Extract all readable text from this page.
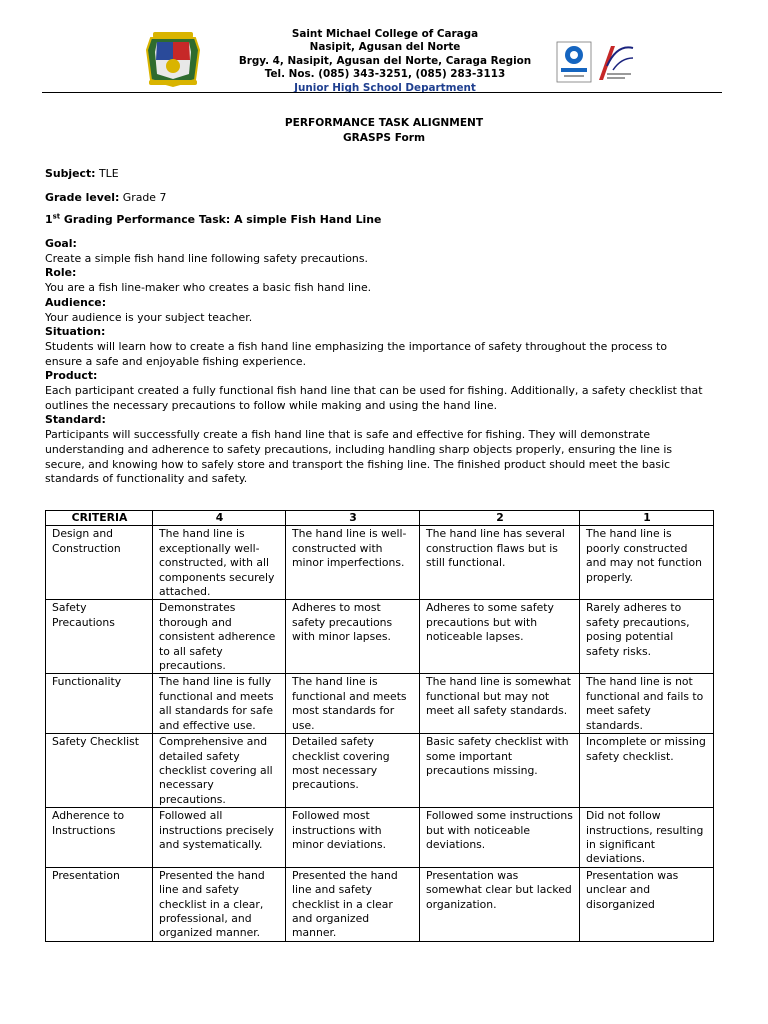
Saint Michael College of Caraga
Nasipit, Agusan del Norte
Brgy. 4, Nasipit, Agusan del Norte, Caraga Region
Tel. Nos. (085) 343-3251, (085) 283-3113
Junior High School Department
PERFORMANCE TASK ALIGNMENT
GRASPS Form
Subject: TLE
Grade level: Grade 7
1st Grading Performance Task: A simple Fish Hand Line
Goal:
Create a simple fish hand line following safety precautions.
Role:
You are a fish line-maker who creates a basic fish hand line.
Audience:
Your audience is your subject teacher.
Situation:
Students will learn how to create a fish hand line emphasizing the importance of safety throughout the process to
ensure a safe and enjoyable fishing experience.
Product:
Each participant created a fully functional fish hand line that can be used for fishing. Additionally, a safety checklist that
outlines the necessary precautions to follow while making and using the hand line.
Standard:
Participants will successfully create a fish hand line that is safe and effective for fishing. They will demonstrate
understanding and adherence to safety precautions, including handling sharp objects properly, ensuring the line is
secure, and knowing how to safely store and transport the fishing line. The finished product should meet the basic
standards of functionality and safety.
CRITERIA	4	3	2	1
Design and Construction	The hand line is exceptionally well-constructed, with all components securely attached.	The hand line is well-constructed with minor imperfections.	The hand line has several construction flaws but is still functional.	The hand line is poorly constructed and may not function properly.
Safety Precautions	Demonstrates thorough and consistent adherence to all safety precautions.	Adheres to most safety precautions with minor lapses.	Adheres to some safety precautions but with noticeable lapses.	Rarely adheres to safety precautions, posing potential safety risks.
Functionality	The hand line is fully functional and meets all standards for safe and effective use.	The hand line is functional and meets most standards for use.	The hand line is somewhat functional but may not meet all safety standards.	The hand line is not functional and fails to meet safety standards.
Safety Checklist	Comprehensive and detailed safety checklist covering all necessary precautions.	Detailed safety checklist covering most necessary precautions.	Basic safety checklist with some important precautions missing.	Incomplete or missing safety checklist.
Adherence to Instructions	Followed all instructions precisely and systematically.	Followed most instructions with minor deviations.	Followed some instructions but with noticeable deviations.	Did not follow instructions, resulting in significant deviations.
Presentation	Presented the hand line and safety checklist in a clear, professional, and organized manner.	Presented the hand line and safety checklist in a clear and organized manner.	Presentation was somewhat clear but lacked organization.	Presentation was unclear and disorganized
